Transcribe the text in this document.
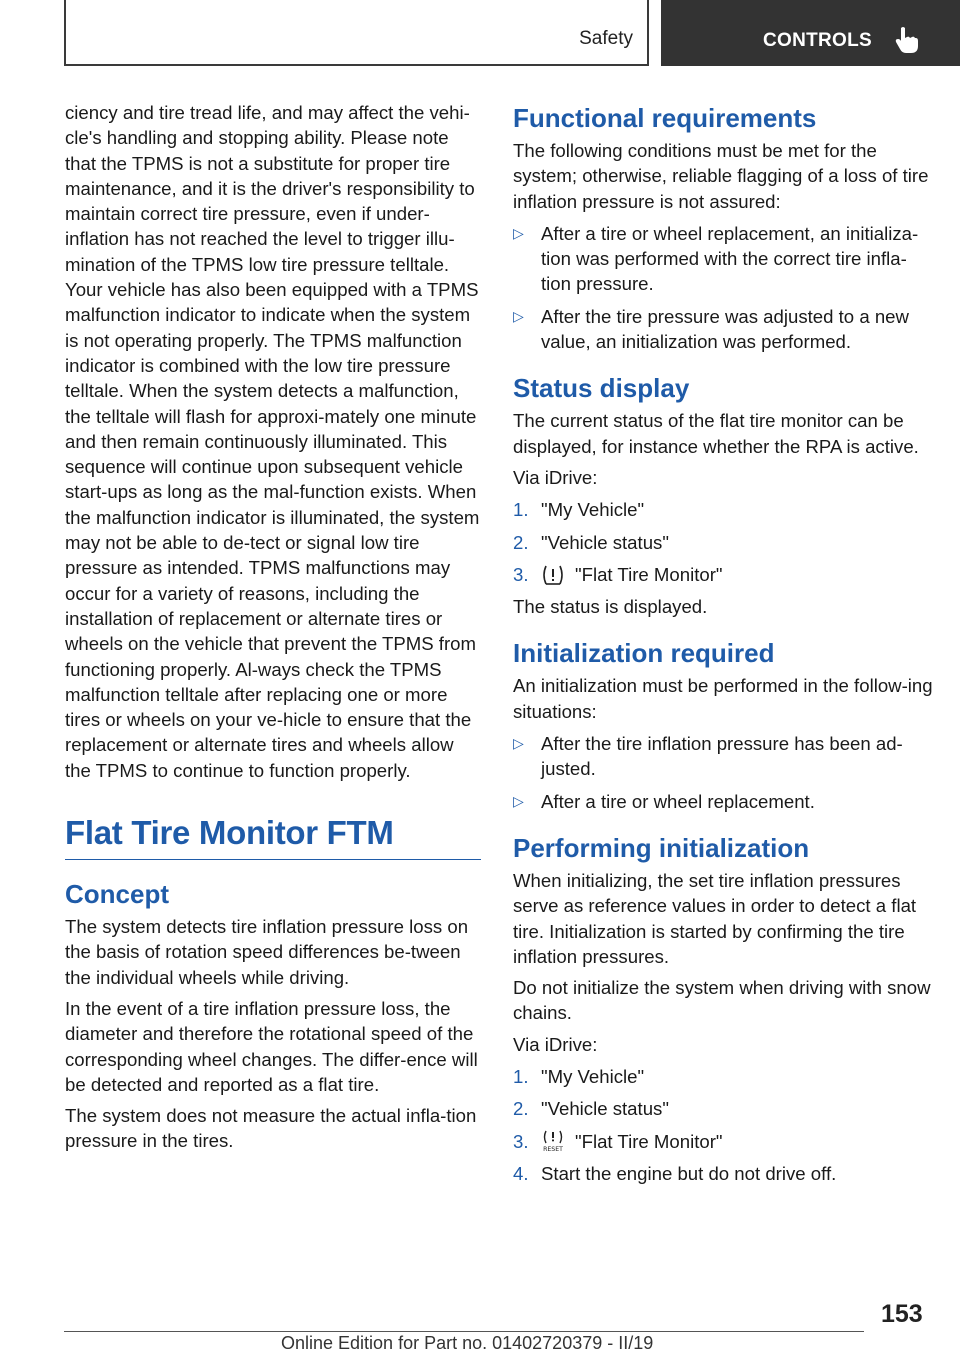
Safety	CONTROLS
ciency and tire tread life, and may affect the vehi‐cle's handling and stopping ability. Please note that the TPMS is not a substitute for proper tire maintenance, and it is the driver's responsibility to maintain correct tire pressure, even if under‐inflation has not reached the level to trigger illu‐mination of the TPMS low tire pressure telltale. Your vehicle has also been equipped with a TPMS malfunction indicator to indicate when the system is not operating properly. The TPMS malfunction indicator is combined with the low tire pressure telltale. When the system detects a malfunction, the telltale will flash for approxi‐mately one minute and then remain continuously illuminated. This sequence will continue upon subsequent vehicle start-ups as long as the mal‐function exists. When the malfunction indicator is illuminated, the system may not be able to de‐tect or signal low tire pressure as intended. TPMS malfunctions may occur for a variety of reasons, including the installation of replacement or alternate tires or wheels on the vehicle that prevent the TPMS from functioning properly. Al‐ways check the TPMS malfunction telltale after replacing one or more tires or wheels on your ve‐hicle to ensure that the replacement or alternate tires and wheels allow the TPMS to continue to function properly.
Flat Tire Monitor FTM
Concept
The system detects tire inflation pressure loss on the basis of rotation speed differences be‐tween the individual wheels while driving.
In the event of a tire inflation pressure loss, the diameter and therefore the rotational speed of the corresponding wheel changes. The differ‐ence will be detected and reported as a flat tire.
The system does not measure the actual infla‐tion pressure in the tires.
Functional requirements
The following conditions must be met for the system; otherwise, reliable flagging of a loss of tire inflation pressure is not assured:
▷ After a tire or wheel replacement, an initializa‐tion was performed with the correct tire infla‐tion pressure.
▷ After the tire pressure was adjusted to a new value, an initialization was performed.
Status display
The current status of the flat tire monitor can be displayed, for instance whether the RPA is active.
Via iDrive:
1. "My Vehicle"
2. "Vehicle status"
3.	"Flat Tire Monitor"
The status is displayed.
Initialization required
An initialization must be performed in the follow‐ing situations:
▷ After the tire inflation pressure has been ad‐justed.
▷ After a tire or wheel replacement.
Performing initialization
When initializing, the set tire inflation pressures serve as reference values in order to detect a flat tire. Initialization is started by confirming the tire inflation pressures.
Do not initialize the system when driving with snow chains.
Via iDrive:
1. "My Vehicle"
2. "Vehicle status"
3.	RESET "Flat Tire Monitor"
4. Start the engine but do not drive off.
153
Online Edition for Part no. 01402720379 - II/19
